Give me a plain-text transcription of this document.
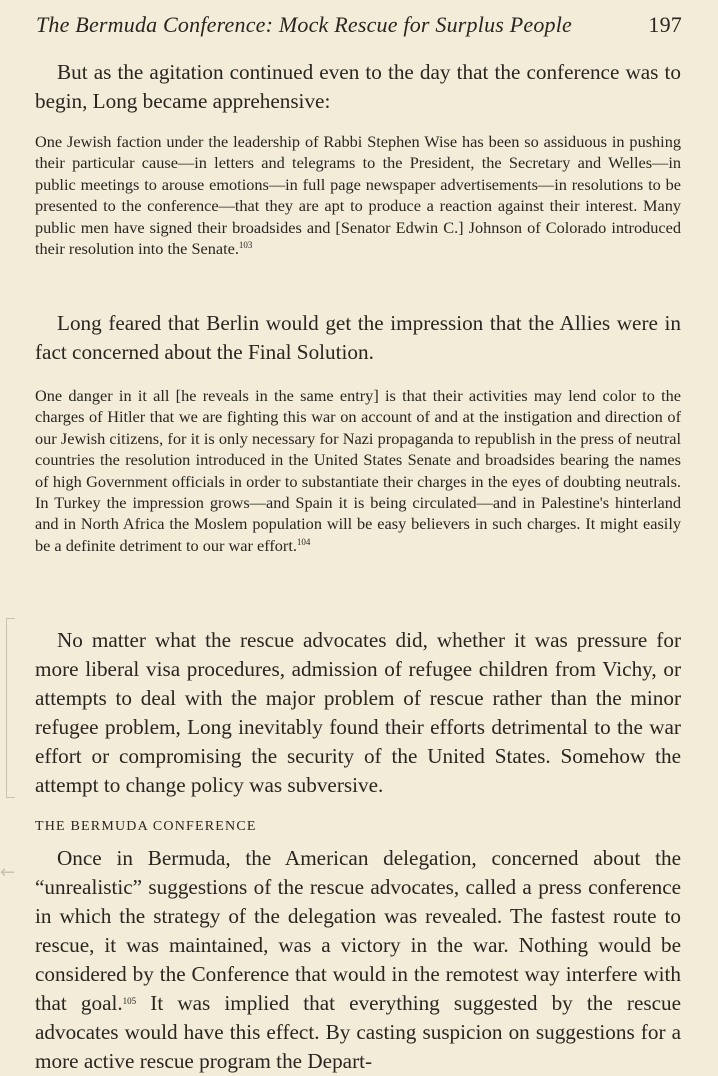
The Bermuda Conference: Mock Rescue for Surplus People	197

But as the agitation continued even to the day that the conference was to begin, Long became apprehensive:

One Jewish faction under the leadership of Rabbi Stephen Wise has been so assiduous in pushing their particular cause—in letters and telegrams to the President, the Secretary and Welles—in public meetings to arouse emotions—in full page newspaper advertisements—in resolutions to be presented to the conference—that they are apt to produce a reaction against their interest. Many public men have signed their broadsides and [Senator Edwin C.] Johnson of Colorado introduced their resolution into the Senate.$^{103}$

Long feared that Berlin would get the impression that the Allies were in fact concerned about the Final Solution.

One danger in it all [he reveals in the same entry] is that their activities may lend color to the charges of Hitler that we are fighting this war on account of and at the instigation and direction of our Jewish citizens, for it is only necessary for Nazi propaganda to republish in the press of neutral countries the resolution introduced in the United States Senate and broadsides bearing the names of high Government officials in order to substantiate their charges in the eyes of doubting neutrals. In Turkey the impression grows—and Spain it is being circulated—and in Palestine's hinterland and in North Africa the Moslem population will be easy believers in such charges. It might easily be a definite detriment to our war effort.$^{104}$

No matter what the rescue advocates did, whether it was pressure for more liberal visa procedures, admission of refugee children from Vichy, or attempts to deal with the major problem of rescue rather than the minor refugee problem, Long inevitably found their efforts detrimental to the war effort or compromising the security of the United States. Somehow the attempt to change policy was subversive.

THE BERMUDA CONFERENCE
←

Once in Bermuda, the American delegation, concerned about the “unrealistic” suggestions of the rescue advocates, called a press conference in which the strategy of the delegation was revealed. The fastest route to rescue, it was maintained, was a victory in the war. Nothing would be considered by the Conference that would in the remotest way interfere with that goal.$^{105}$ It was implied that everything suggested by the rescue advocates would have this effect. By casting suspicion on suggestions for a more active rescue program the Depart-
